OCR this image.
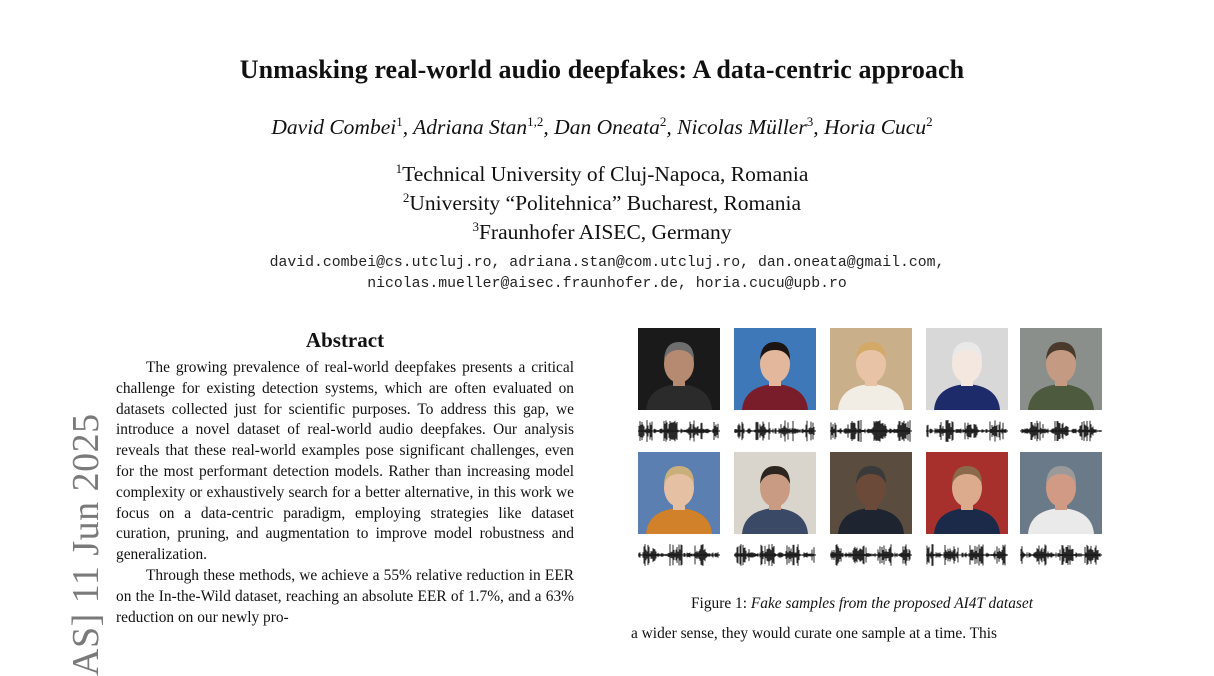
AS] 11 Jun 2025
Unmasking real-world audio deepfakes: A data-centric approach
David Combei$^1$, Adriana Stan$^{1,2}$, Dan Oneata$^2$, Nicolas Müller$^3$, Horia Cucu$^2$
$^1$Technical University of Cluj-Napoca, Romania
$^2$University “Politehnica” Bucharest, Romania
$^3$Fraunhofer AISEC, Germany
david.combei@cs.utcluj.ro, adriana.stan@com.utcluj.ro, dan.oneata@gmail.com,
nicolas.mueller@aisec.fraunhofer.de, horia.cucu@upb.ro
Abstract

The growing prevalence of real-world deepfakes presents a critical challenge for existing detection systems, which are often evaluated on datasets collected just for scientific purposes. To address this gap, we introduce a novel dataset of real-world audio deepfakes. Our analysis reveals that these real-world examples pose significant challenges, even for the most performant detection models. Rather than increasing model complexity or exhaustively search for a better alternative, in this work we focus on a data-centric paradigm, employing strategies like dataset curation, pruning, and augmentation to improve model robustness and generalization.

Through these methods, we achieve a 55% relative reduction in EER on the In-the-Wild dataset, reaching an absolute EER of 1.7%, and a 63% reduction on our newly pro-

Figure 1: Fake samples from the proposed AI4T dataset
a wider sense, they would curate one sample at a time. This
